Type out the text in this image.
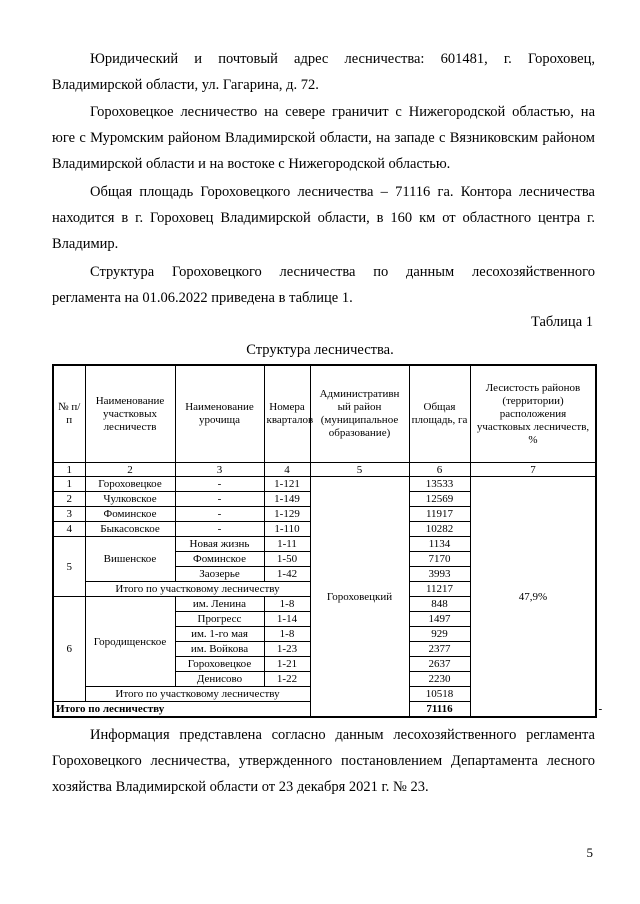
Юридический и почтовый адрес лесничества: 601481, г. Гороховец, Владимирской области, ул. Гагарина, д. 72.

Гороховецкое лесничество на севере граничит с Нижегородской областью, на юге с Муромским районом Владимирской области, на западе с Вязниковским районом Владимирской области и на востоке с Нижегородской областью.

Общая площадь Гороховецкого лесничества – 71116 га. Контора лесничества находится в г. Гороховец Владимирской области, в 160 км от областного центра г. Владимир.

Структура Гороховецкого лесничества по данным лесохозяйственного регламента на 01.06.2022 приведена в таблице 1.

Таблица 1
Структура лесничества.
№ п/п	Наименование участковых лесничеств	Наименование урочища	Номера кварталов	Административн ый район (муниципальное образование)	Общая площадь, га	Лесистость районов (территории) расположения участковых лесничеств, %	
1	2	3	4	5	6	7	
1	Гороховецкое	-	1-121	Гороховецкий	13533	47,9%	
2	Чулковское	-	1-149		12569		
3	Фоминское	-	1-129		11917		
4	Быкасовское	-	1-110		10282		
5	Вишенское	Новая жизнь	1-11		1134		
		Фоминское	1-50		7170		
		Заозерье	1-42		3993		
	Итого по участковому лесничеству				11217		
6	Городищенское	им. Ленина	1-8		848		
		Прогресс	1-14		1497		
		им. 1-го мая	1-8		929		
		им. Войкова	1-23		2377		
		Гороховецкое	1-21		2637		
		Денисово	1-22		2230		
	Итого по участковому лесничеству				10518		
Итого по лесничеству					71116		-

Информация представлена согласно данным лесохозяйственного регламента Гороховецкого лесничества, утвержденного постановлением Департамента лесного хозяйства Владимирской области от 23 декабря 2021 г. № 23.

5
